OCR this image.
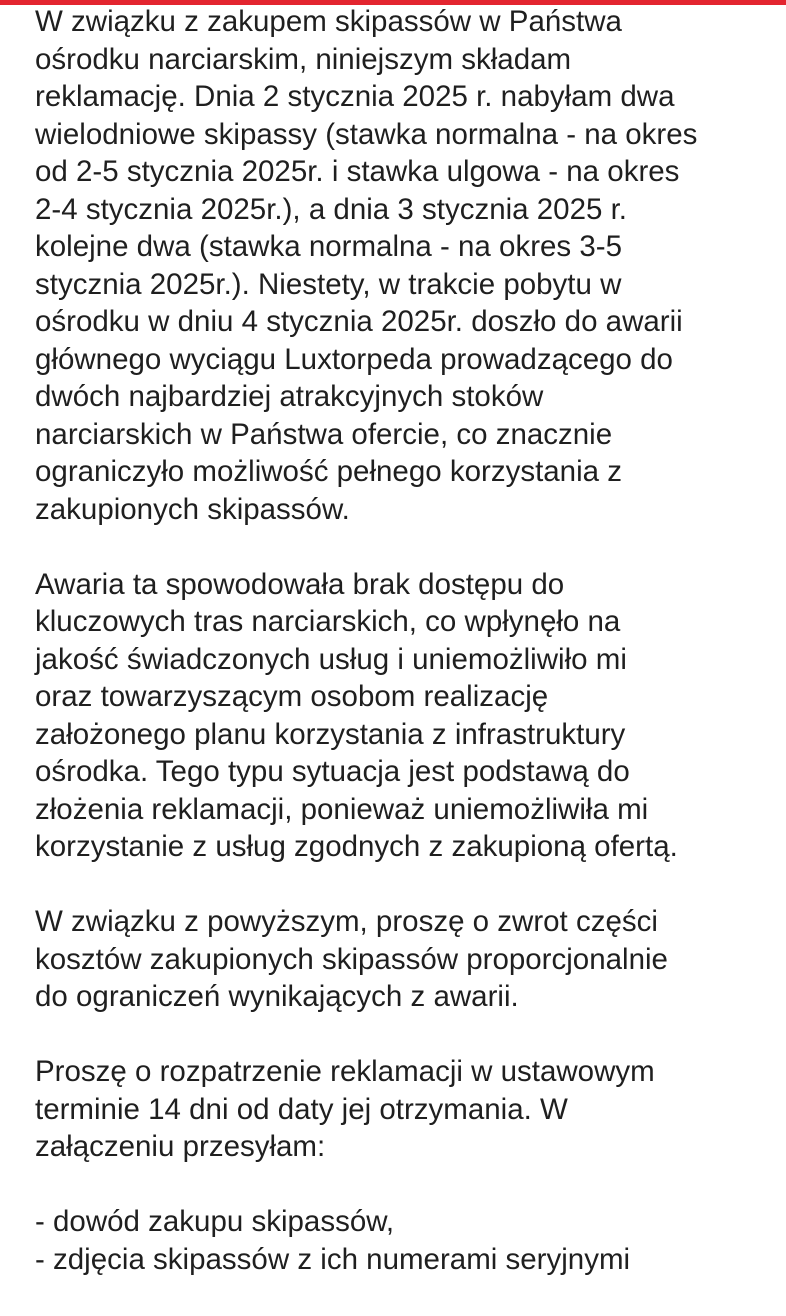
W związku z zakupem skipassów w Państwa
ośrodku narciarskim, niniejszym składam
reklamację. Dnia 2 stycznia 2025 r. nabyłam dwa
wielodniowe skipassy (stawka normalna - na okres
od 2-5 stycznia 2025r. i stawka ulgowa - na okres
2-4 stycznia 2025r.), a dnia 3 stycznia 2025 r.
kolejne dwa (stawka normalna - na okres 3-5
stycznia 2025r.). Niestety, w trakcie pobytu w
ośrodku w dniu 4 stycznia 2025r. doszło do awarii
głównego wyciągu Luxtorpeda prowadzącego do
dwóch najbardziej atrakcyjnych stoków
narciarskich w Państwa ofercie, co znacznie
ograniczyło możliwość pełnego korzystania z
zakupionych skipassów.

Awaria ta spowodowała brak dostępu do
kluczowych tras narciarskich, co wpłynęło na
jakość świadczonych usług i uniemożliwiło mi
oraz towarzyszącym osobom realizację
założonego planu korzystania z infrastruktury
ośrodka. Tego typu sytuacja jest podstawą do
złożenia reklamacji, ponieważ uniemożliwiła mi
korzystanie z usług zgodnych z zakupioną ofertą.

W związku z powyższym, proszę o zwrot części
kosztów zakupionych skipassów proporcjonalnie
do ograniczeń wynikających z awarii.

Proszę o rozpatrzenie reklamacji w ustawowym
terminie 14 dni od daty jej otrzymania. W
załączeniu przesyłam:

- dowód zakupu skipassów,
- zdjęcia skipassów z ich numerami seryjnymi
